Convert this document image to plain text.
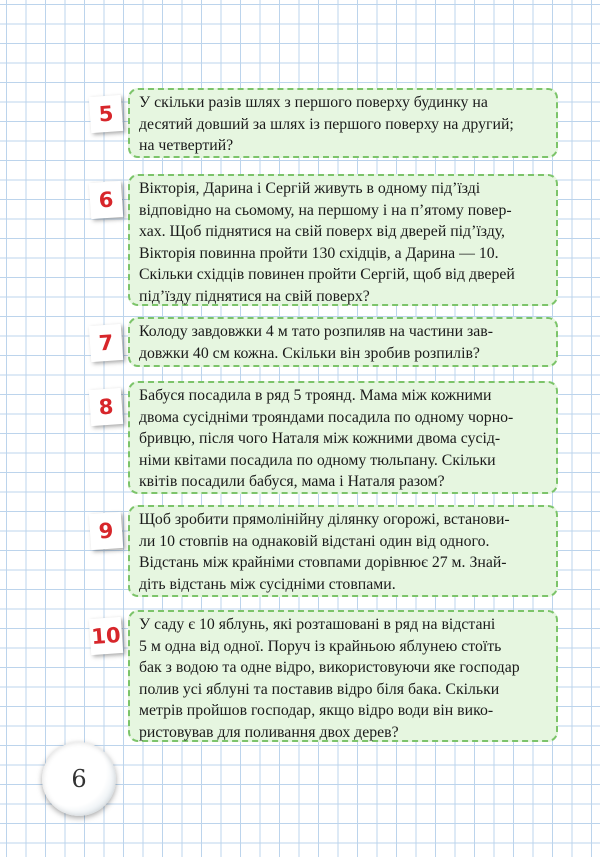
5	У скільки разів шлях з першого поверху будинку на

десятий довший за шлях із першого поверху на другий;

на четвертий?

6	Вікторія, Дарина і Сергій живуть в одному під’їзді

відповідно на сьомому, на першому і на п’ятому повер-

хах. Щоб піднятися на свій поверх від дверей під’їзду,

Вікторія повинна пройти 130 східців, а Дарина — 10.

Скільки східців повинен пройти Сергій, щоб від дверей

під’їзду піднятися на свій поверх?

7	Колоду завдовжки 4 м тато розпиляв на частини зав-

довжки 40 см кожна. Скільки він зробив розпилів?

8	Бабуся посадила в ряд 5 троянд. Мама між кожними

двома сусідніми трояндами посадила по одному чорно-

бривцю, після чого Наталя між кожними двома сусід-

німи квітами посадила по одному тюльпану. Скільки

квітів посадили бабуся, мама і Наталя разом?

9	Щоб зробити прямолінійну ділянку огорожі, встанови-

ли 10 стовпів на однаковій відстані один від одного.

Відстань між крайніми стовпами дорівнює 27 м. Знай-

діть відстань між сусідніми стовпами.

10 У саду є 10 яблунь, які розташовані в ряд на відстані

5 м одна від одної. Поруч із крайньою яблунею стоїть

бак з водою та одне відро, використовуючи яке господар

полив усі яблуні та поставив відро біля бака. Скільки

метрів пройшов господар, якщо відро води він вико-

ристовував для поливання двох дерев?

6
